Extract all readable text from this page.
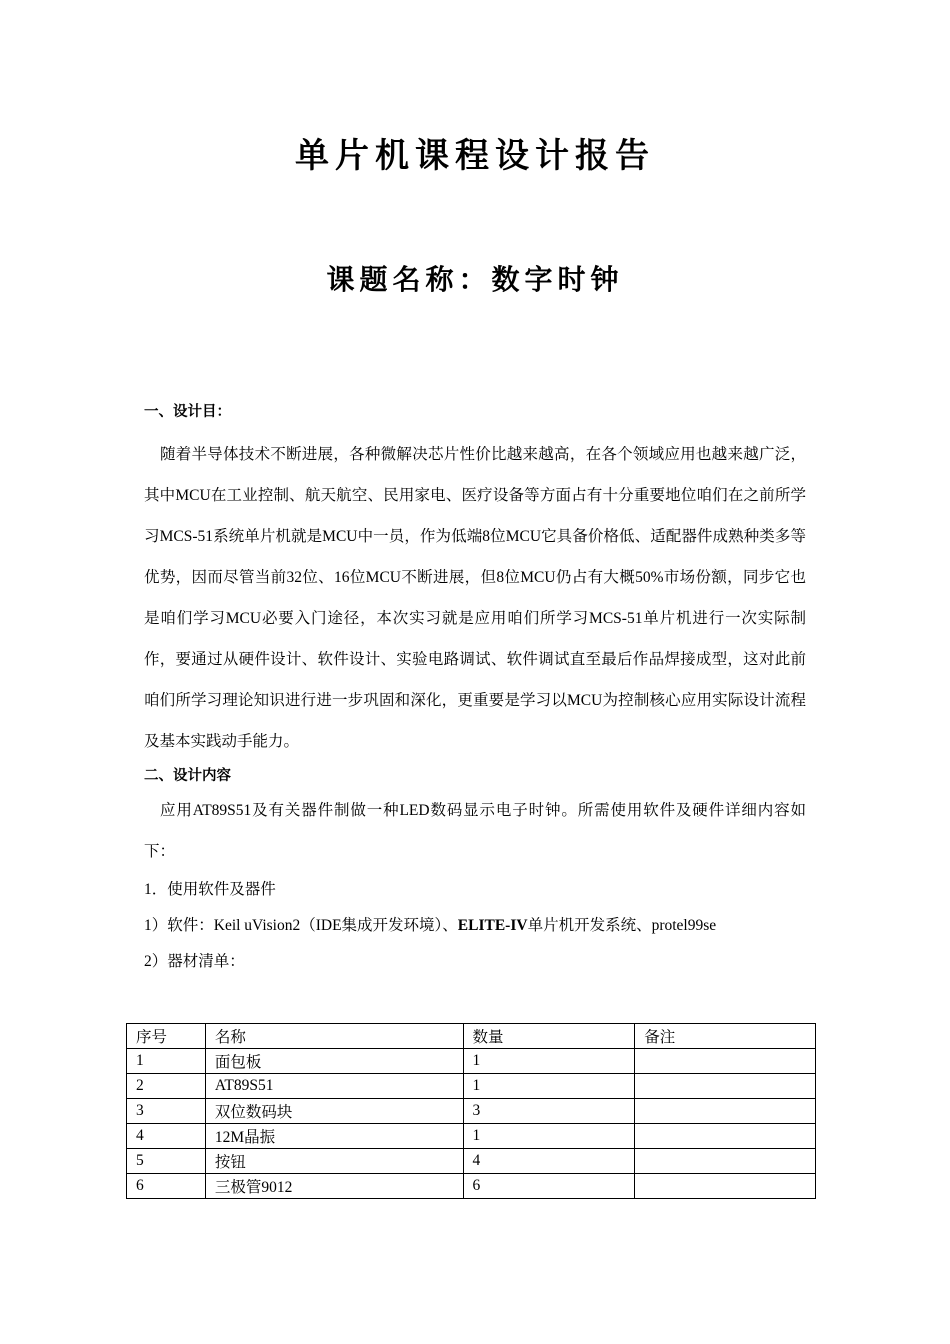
单片机课程设计报告
课题名称：数字时钟
一、设计目：
随着半导体技术不断进展，各种微解决芯片性价比越来越高，在各个领域应用也越来越广泛，其中MCU在工业控制、航天航空、民用家电、医疗设备等方面占有十分重要地位咱们在之前所学习MCS-51系统单片机就是MCU中一员，作为低端8位MCU它具备价格低、适配器件成熟种类多等优势，因而尽管当前32位、16位MCU不断进展，但8位MCU仍占有大概50%市场份额，同步它也是咱们学习MCU必要入门途径，本次实习就是应用咱们所学习MCS-51单片机进行一次实际制作，要通过从硬件设计、软件设计、实验电路调试、软件调试直至最后作品焊接成型，这对此前咱们所学习理论知识进行进一步巩固和深化，更重要是学习以MCU为控制核心应用实际设计流程及基本实践动手能力。
二、设计内容
应用AT89S51及有关器件制做一种LED数码显示电子时钟。所需使用软件及硬件详细内容如下：
1．使用软件及器件
1）软件：Keil uVision2（IDE集成开发环境）、ELITE-IV单片机开发系统、protel99se
2）器材清单：
序号	名称	数量	备注
1	面包板	1	
2	AT89S51	1	
3	双位数码块	3	
4	12M晶振	1	
5	按钮	4	
6	三极管9012	6	
